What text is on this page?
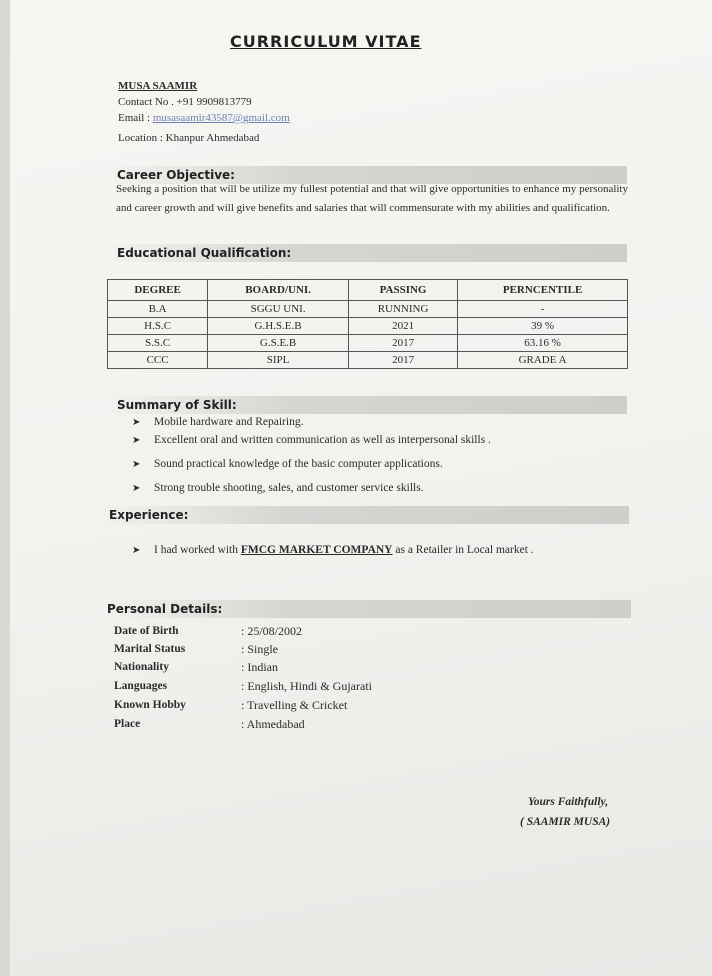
CURRICULUM VITAE
MUSA SAAMIR
Contact No . +91 9909813779
Email : musasaamir43587@gmail.com
Location : Khanpur Ahmedabad
Career Objective:
Seeking a position that will be utilize my fullest potential and that will give opportunities to enhance my personality and career growth and will give benefits and salaries that will commensurate with my abilities and qualification.
Educational Qualification:
DEGREE	BOARD/UNI.	PASSING	PERNCENTILE
B.A	SGGU UNI.	RUNNING	-
H.S.C	G.H.S.E.B	2021	39 %
S.S.C	G.S.E.B	2017	63.16 %
CCC	SIPL	2017	GRADE A
Summary of Skill:
➤ Mobile hardware and Repairing.
➤ Excellent oral and written communication as well as interpersonal skills .
➤ Sound practical knowledge of the basic computer applications.
➤ Strong trouble shooting, sales, and customer service skills.
Experience:
➤ I had worked with FMCG MARKET COMPANY as a Retailer in Local market .
Personal Details:
Date of Birth	: 25/08/2002
Marital Status	: Single
Nationality	: Indian
Languages	: English, Hindi & Gujarati
Known Hobby	: Travelling & Cricket
Place	: Ahmedabad
Yours Faithfully,
( SAAMIR MUSA)
